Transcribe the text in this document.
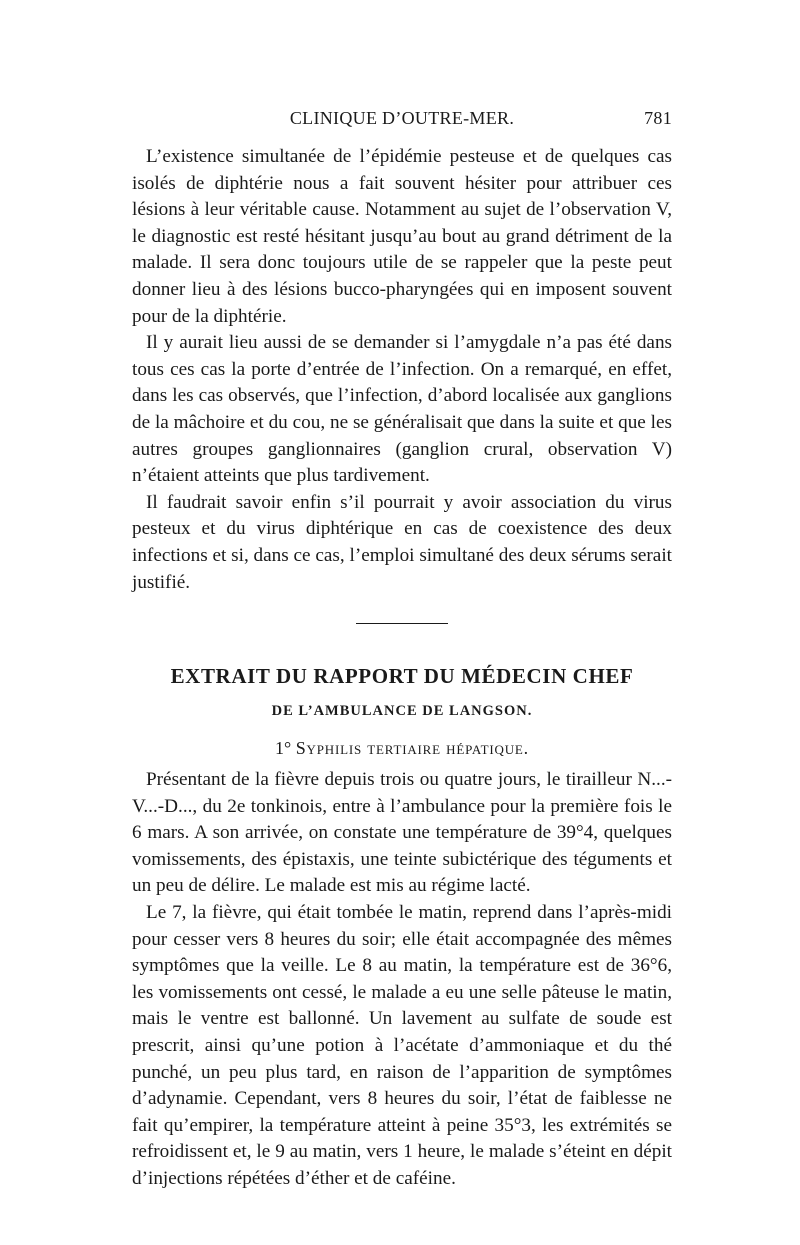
CLINIQUE D’OUTRE-MER.	781

L’existence simultanée de l’épidémie pesteuse et de quelques cas isolés de diphtérie nous a fait souvent hésiter pour attribuer ces lésions à leur véritable cause. Notamment au sujet de l’observation V, le diagnostic est resté hésitant jusqu’au bout au grand détriment de la malade. Il sera donc toujours utile de se rappeler que la peste peut donner lieu à des lésions bucco-pharyngées qui en imposent souvent pour de la diphtérie.

Il y aurait lieu aussi de se demander si l’amygdale n’a pas été dans tous ces cas la porte d’entrée de l’infection. On a remarqué, en effet, dans les cas observés, que l’infection, d’abord localisée aux ganglions de la mâchoire et du cou, ne se généralisait que dans la suite et que les autres groupes ganglionnaires (ganglion crural, observation V) n’étaient atteints que plus tardivement.

Il faudrait savoir enfin s’il pourrait y avoir association du virus pesteux et du virus diphtérique en cas de coexistence des deux infections et si, dans ce cas, l’emploi simultané des deux sérums serait justifié.

EXTRAIT DU RAPPORT DU MÉDECIN CHEF
DE L’AMBULANCE DE LANGSON.
1° Syphilis tertiaire hépatique.

Présentant de la fièvre depuis trois ou quatre jours, le tirailleur N...-V...-D..., du 2e tonkinois, entre à l’ambulance pour la première fois le 6 mars. A son arrivée, on constate une température de 39°4, quelques vomissements, des épistaxis, une teinte subictérique des téguments et un peu de délire. Le malade est mis au régime lacté.

Le 7, la fièvre, qui était tombée le matin, reprend dans l’après-midi pour cesser vers 8 heures du soir; elle était accompagnée des mêmes symptômes que la veille. Le 8 au matin, la température est de 36°6, les vomissements ont cessé, le malade a eu une selle pâteuse le matin, mais le ventre est ballonné. Un lavement au sulfate de soude est prescrit, ainsi qu’une potion à l’acétate d’ammoniaque et du thé punché, un peu plus tard, en raison de l’apparition de symptômes d’adynamie. Cependant, vers 8 heures du soir, l’état de faiblesse ne fait qu’empirer, la température atteint à peine 35°3, les extrémités se refroidissent et, le 9 au matin, vers 1 heure, le malade s’éteint en dépit d’injections répétées d’éther et de caféine.
